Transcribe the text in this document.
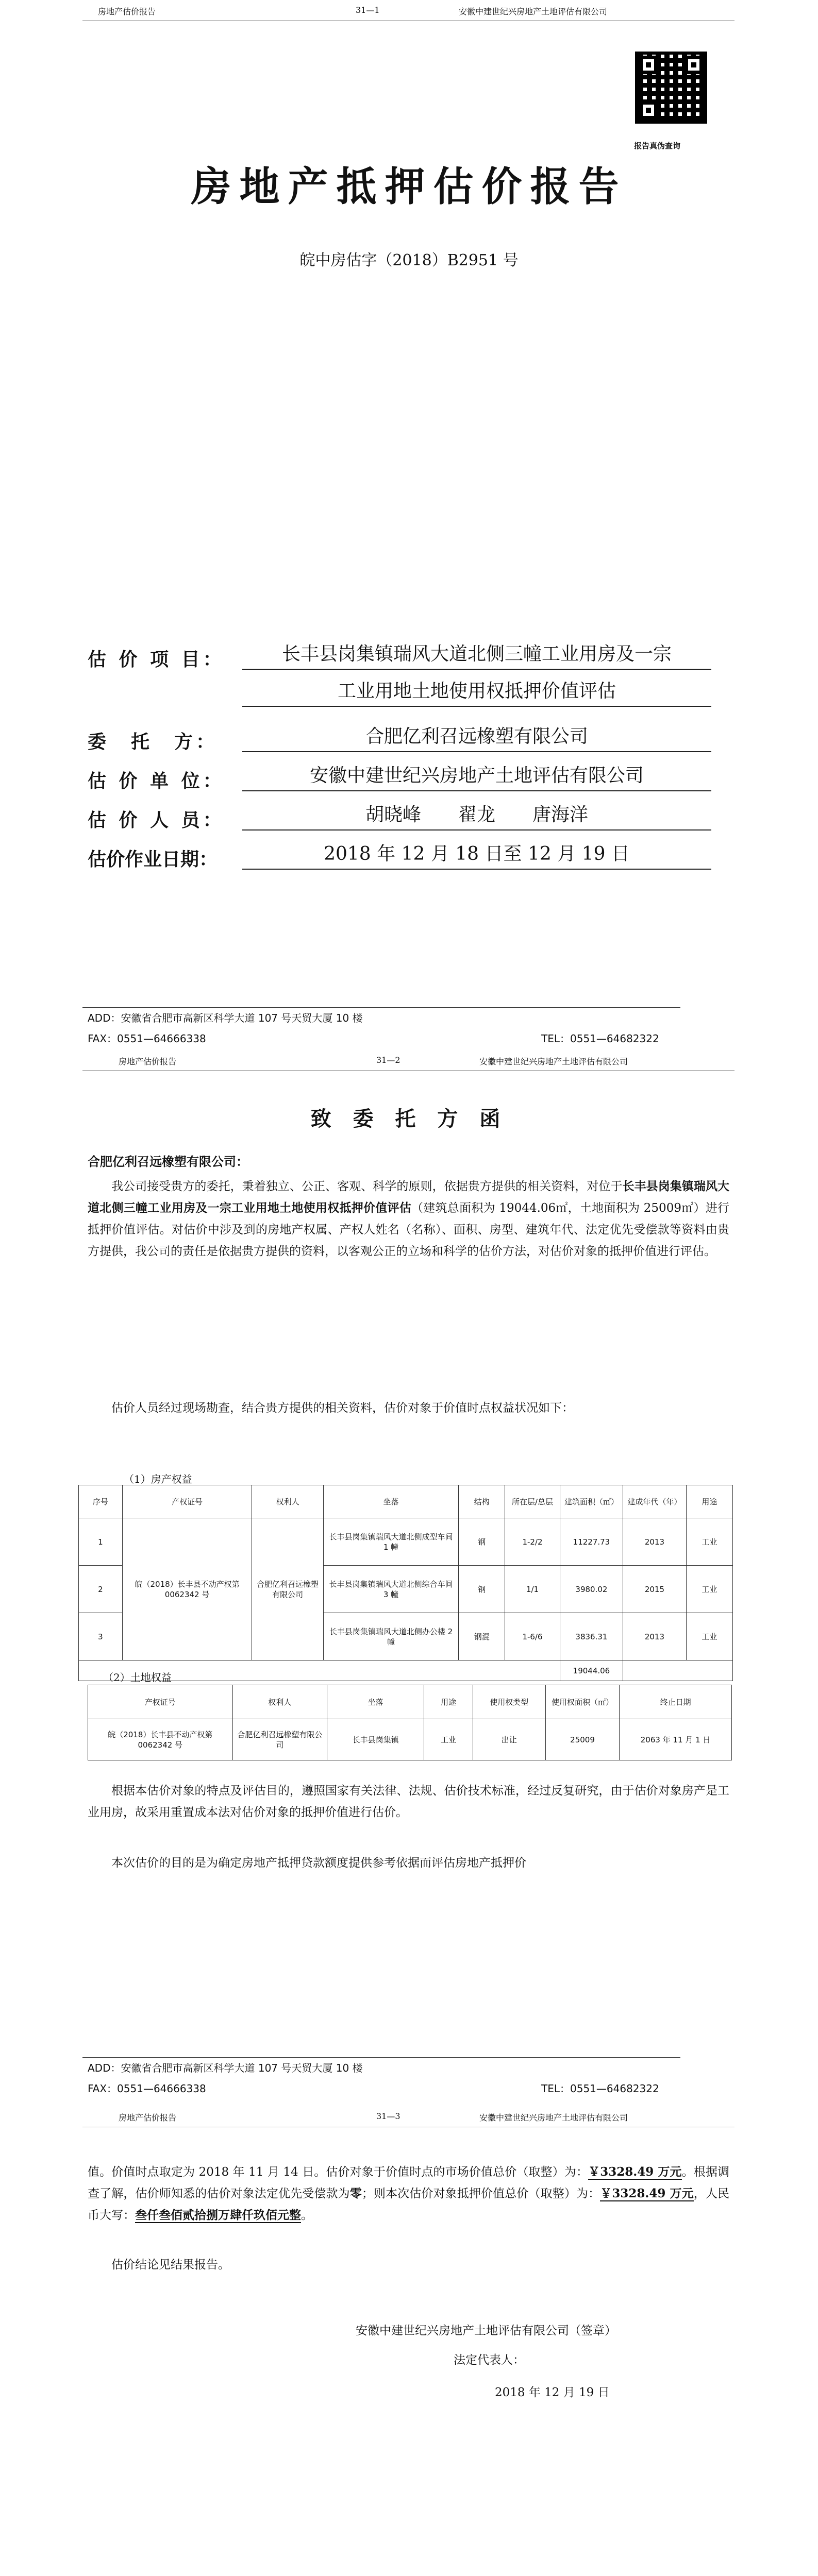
房地产估价报告	31—1	安徽中建世纪兴房地产土地评估有限公司
报告真伪查询
房地产抵押估价报告
皖中房估字（2018）B2951 号
估 价 项 目：	长丰县岗集镇瑞风大道北侧三幢工业用房及一宗
工业用地土地使用权抵押价值评估
委　托　方：	合肥亿利召远橡塑有限公司
估 价 单 位：	安徽中建世纪兴房地产土地评估有限公司
估 价 人 员：	胡晓峰　　翟龙　　唐海洋
估价作业日期：	2018 年 12 月 18 日至 12 月 19 日
ADD：安徽省合肥市高新区科学大道 107 号天贸大厦 10 楼
FAX：0551—64666338	TEL：0551—64682322
房地产估价报告	31—2	安徽中建世纪兴房地产土地评估有限公司
致 委 托 方 函
合肥亿利召远橡塑有限公司：
我公司接受贵方的委托，秉着独立、公正、客观、科学的原则，依据贵方提供的相关资料，对位于长丰县岗集镇瑞风大道北侧三幢工业用房及一宗工业用地土地使用权抵押价值评估（建筑总面积为 19044.06㎡，土地面积为 25009㎡）进行抵押价值评估。对估价中涉及到的房地产权属、产权人姓名（名称）、面积、房型、建筑年代、法定优先受偿款等资料由贵方提供，我公司的责任是依据贵方提供的资料，以客观公正的立场和科学的估价方法，对估价对象的抵押价值进行评估。
估价人员经过现场勘查，结合贵方提供的相关资料，估价对象于价值时点权益状况如下：
（1）房产权益
序号	产权证号	权利人	坐落	结构	所在层/总层	建筑面积（㎡）	建成年代（年）	用途
1	皖（2018）长丰县不动产权第 0062342 号	合肥亿利召远橡塑有限公司	长丰县岗集镇瑞风大道北侧成型车间 1 幢	钢	1-2/2	11227.73	2013	工业
2			长丰县岗集镇瑞风大道北侧综合车间 3 幢	钢	1/1	3980.02	2015	工业
3			长丰县岗集镇瑞风大道北侧办公楼 2 幢	钢混	1-6/6	3836.31	2013	工业
						19044.06		
（2）土地权益
产权证号	权利人	坐落	用途	使用权类型	使用权面积（㎡）	终止日期
皖（2018）长丰县不动产权第 0062342 号	合肥亿利召远橡塑有限公司	长丰县岗集镇	工业	出让	25009	2063 年 11 月 1 日
根据本估价对象的特点及评估目的，遵照国家有关法律、法规、估价技术标准，经过反复研究，由于估价对象房产是工业用房，故采用重置成本法对估价对象的抵押价值进行估价。
本次估价的目的是为确定房地产抵押贷款额度提供参考依据而评估房地产抵押价
ADD：安徽省合肥市高新区科学大道 107 号天贸大厦 10 楼
FAX：0551—64666338	TEL：0551—64682322
房地产估价报告	31—3	安徽中建世纪兴房地产土地评估有限公司
值。价值时点取定为 2018 年 11 月 14 日。估价对象于价值时点的市场价值总价（取整）为：￥3328.49 万元。根据调查了解，估价师知悉的估价对象法定优先受偿款为零；则本次估价对象抵押价值总价（取整）为：￥3328.49 万元，人民币大写：叁仟叁佰贰拾捌万肆仟玖佰元整。
估价结论见结果报告。
安徽中建世纪兴房地产土地评估有限公司（签章）
法定代表人：
2018 年 12 月 19 日
